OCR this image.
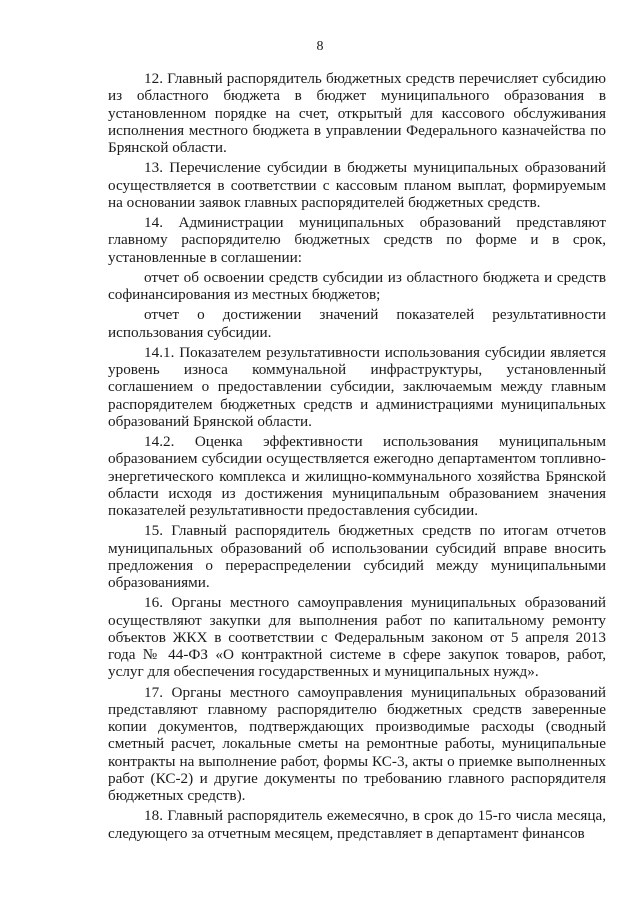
8

12. Главный распорядитель бюджетных средств перечисляет субсидию из областного бюджета в бюджет муниципального образования в установленном порядке на счет, открытый для кассового обслуживания исполнения местного бюджета в управлении Федерального казначейства по Брянской области.

13. Перечисление субсидии в бюджеты муниципальных образований осуществляется в соответствии с кассовым планом выплат, формируемым на основании заявок главных распорядителей бюджетных средств.

14. Администрации муниципальных образований представляют главному распорядителю бюджетных средств по форме и в срок, установленные в соглашении:

отчет об освоении средств субсидии из областного бюджета и средств софинансирования из местных бюджетов;

отчет о достижении значений показателей результативности использования субсидии.

14.1. Показателем результативности использования субсидии является уровень износа коммунальной инфраструктуры, установленный соглашением о предоставлении субсидии, заключаемым между главным распорядителем бюджетных средств и администрациями муниципальных образований Брянской области.

14.2. Оценка эффективности использования муниципальным образованием субсидии осуществляется ежегодно департаментом топливно-энергетического комплекса и жилищно-коммунального хозяйства Брянской области исходя из достижения муниципальным образованием значения показателей результативности предоставления субсидии.

15. Главный распорядитель бюджетных средств по итогам отчетов муниципальных образований об использовании субсидий вправе вносить предложения о перераспределении субсидий между муниципальными образованиями.

16. Органы местного самоуправления муниципальных образований осуществляют закупки для выполнения работ по капитальному ремонту объектов ЖКХ в соответствии с Федеральным законом от 5 апреля 2013 года № 44-ФЗ «О контрактной системе в сфере закупок товаров, работ, услуг для обеспечения государственных и муниципальных нужд».

17. Органы местного самоуправления муниципальных образований представляют главному распорядителю бюджетных средств заверенные копии документов, подтверждающих производимые расходы (сводный сметный расчет, локальные сметы на ремонтные работы, муниципальные контракты на выполнение работ, формы КС-3, акты о приемке выполненных работ (КС-2) и другие документы по требованию главного распорядителя бюджетных средств).

18. Главный распорядитель ежемесячно, в срок до 15-го числа месяца, следующего за отчетным месяцем, представляет в департамент финансов
